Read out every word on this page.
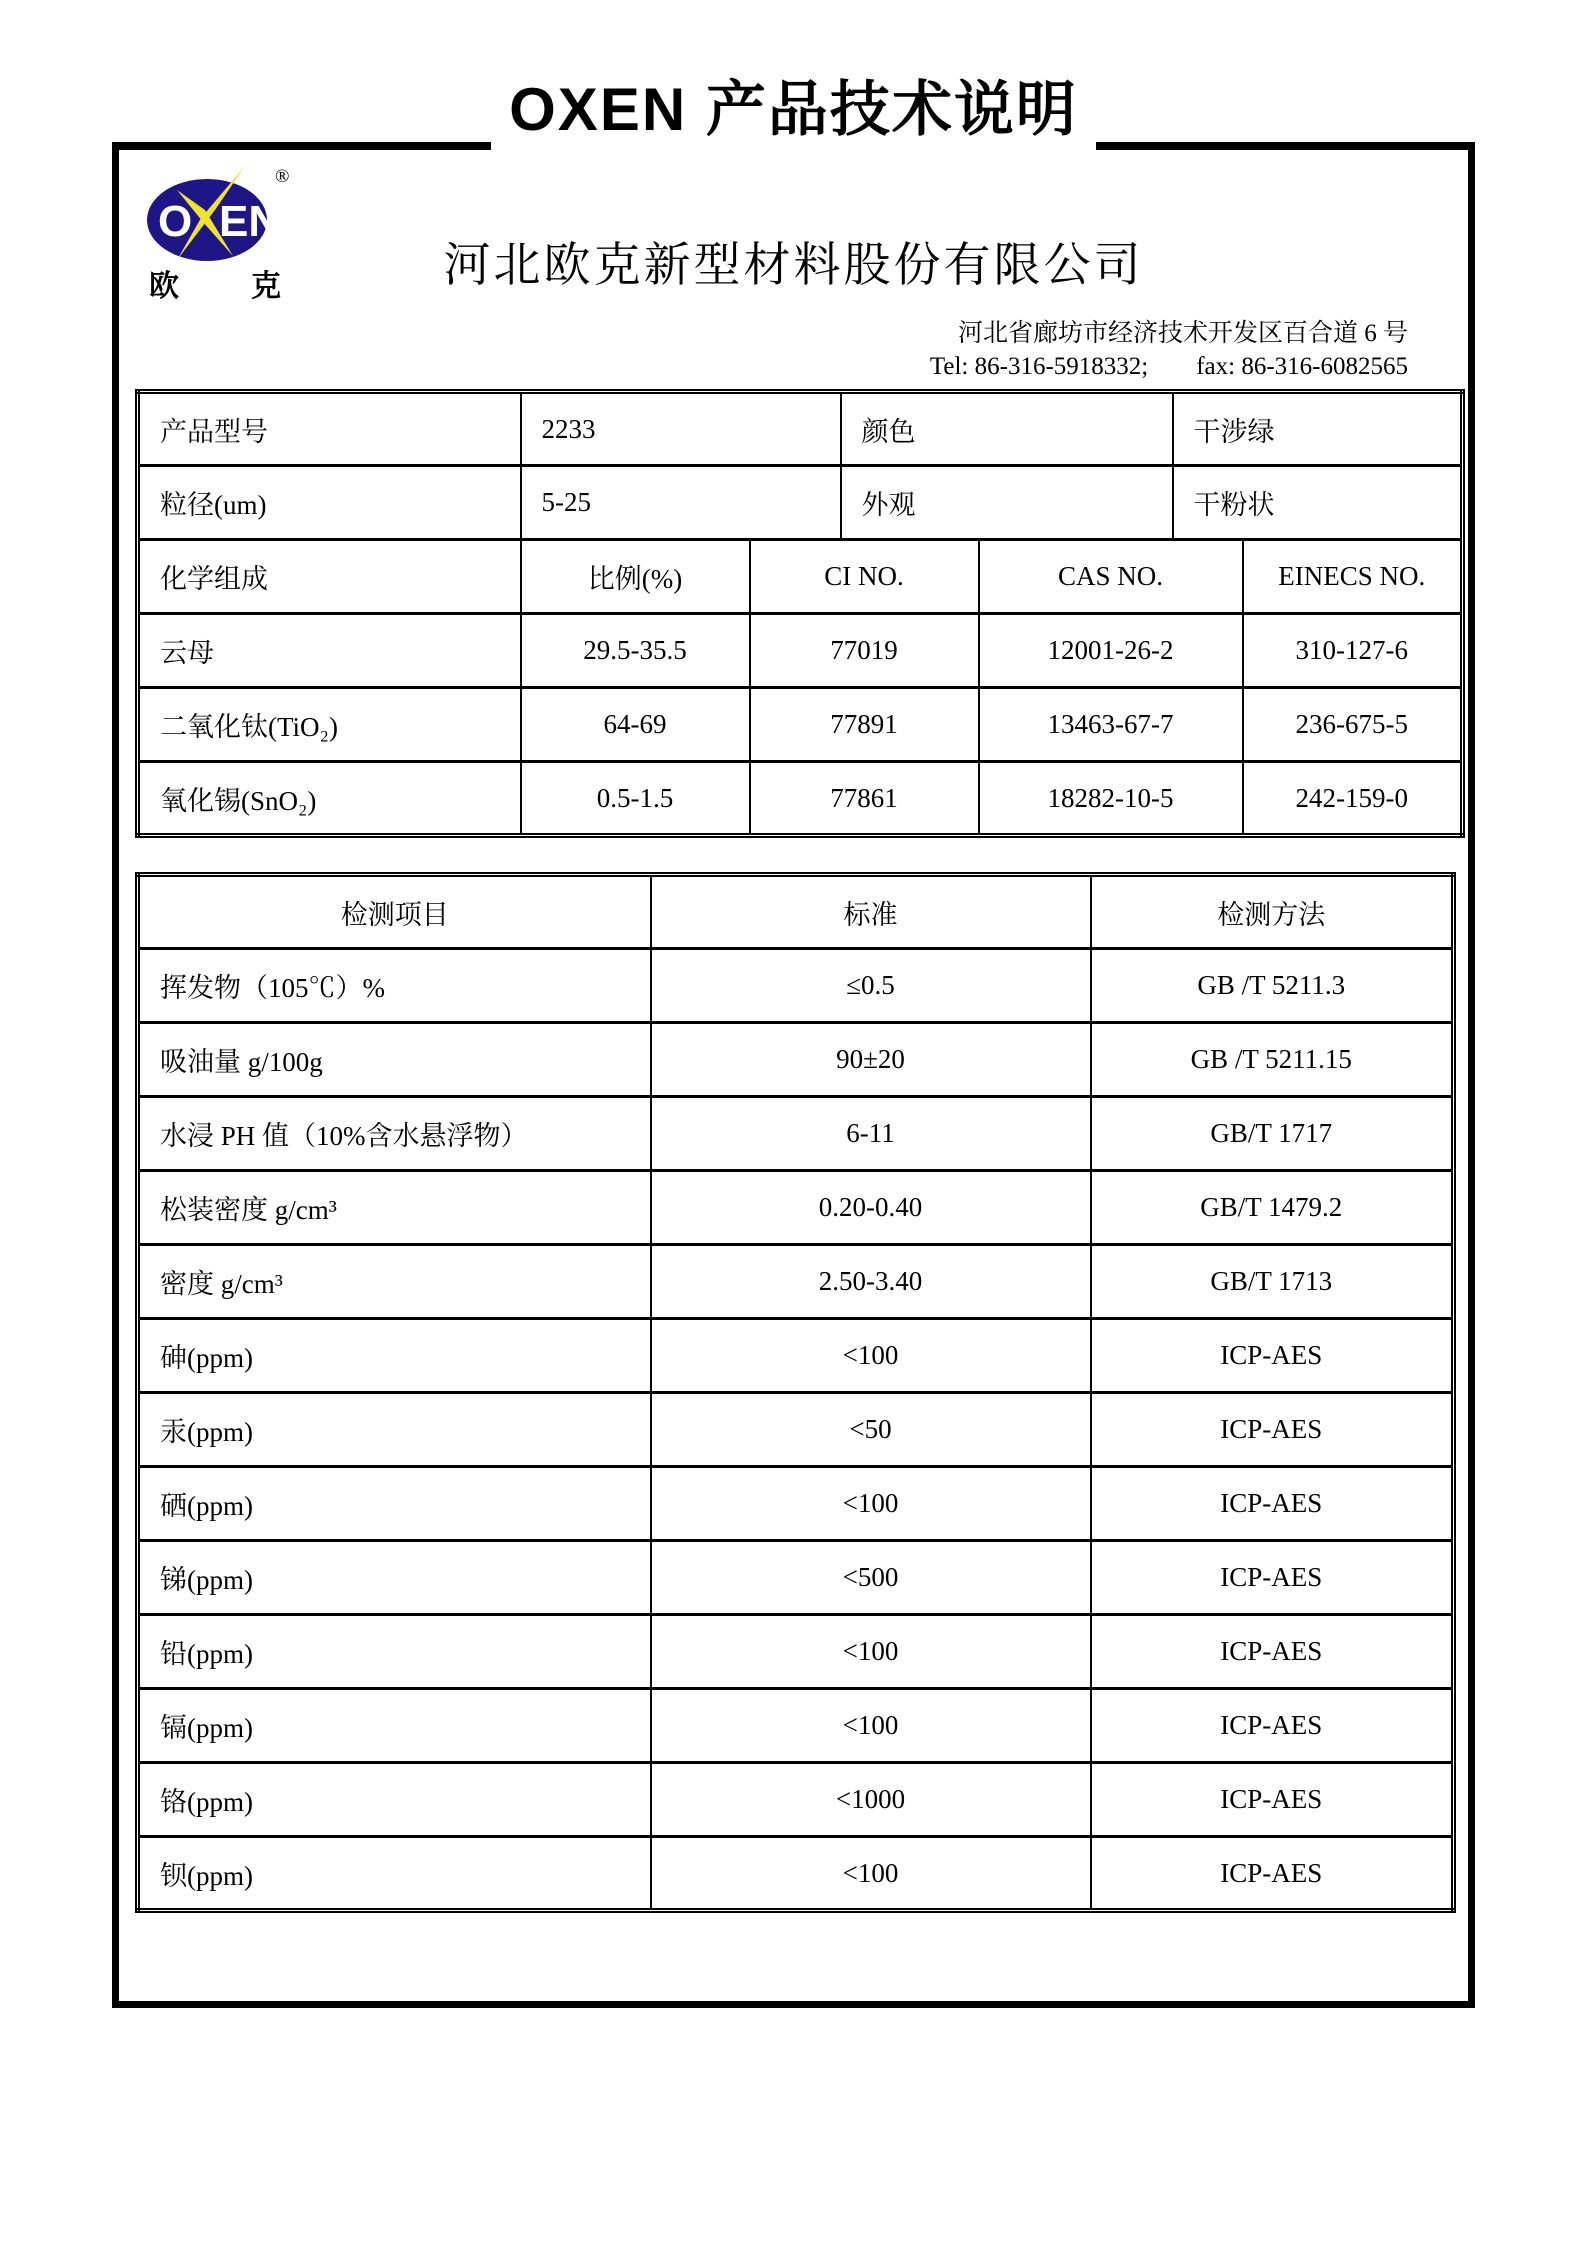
OXEN 产品技术说明
O EN
®
欧 克	河北欧克新型材料股份有限公司
河北省廊坊市经济技术开发区百合道 6 号
Tel: 86-316-5918332; fax: 86-316-6082565
产品型号	2233		颜色		干涉绿	
粒径(um)	5-25		外观		干粉状	
化学组成	比例(%)	CI NO.		CAS NO.		EINECS NO.
云母	29.5-35.5	77019		12001-26-2		310-127-6
二氧化钛(TiO₂)	64-69	77891		13463-67-7		236-675-5
氧化锡(SnO₂)	0.5-1.5	77861		18282-10-5		242-159-0
检测项目	标准	检测方法
挥发物（105℃）%	≤0.5	GB /T 5211.3
吸油量 g/100g	90±20	GB /T 5211.15
水浸 PH 值（10%含水悬浮物）	6-11	GB/T 1717
松装密度 g/cm³	0.20-0.40	GB/T 1479.2
密度 g/cm³	2.50-3.40	GB/T 1713
砷(ppm)	<100	ICP-AES
汞(ppm)	<50	ICP-AES
硒(ppm)	<100	ICP-AES
锑(ppm)	<500	ICP-AES
铅(ppm)	<100	ICP-AES
镉(ppm)	<100	ICP-AES
铬(ppm)	<1000	ICP-AES
钡(ppm)	<100	ICP-AES
